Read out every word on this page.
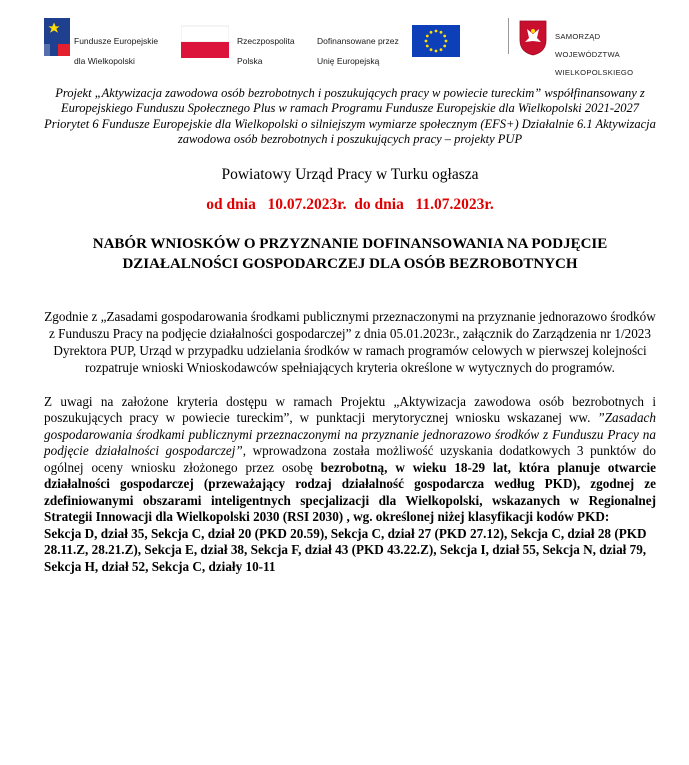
Fundusze Europejskie

dla Wielkopolski

Rzeczpospolita

Polska

Dofinansowane przez

Unię Europejską

SAMORZĄD

WOJEWÓDZTWA

WIELKOPOLSKIEGO

Projekt „Aktywizacja zawodowa osób bezrobotnych i poszukujących pracy w powiecie tureckim” współfinansowany z Europejskiego Funduszu Społecznego Plus w ramach Programu Fundusze Europejskie dla Wielkopolski 2021-2027 Priorytet 6 Fundusze Europejskie dla Wielkopolski o silniejszym wymiarze społecznym (EFS+) Działalnie 6.1 Aktywizacja zawodowa osób bezrobotnych i poszukujących pracy – projekty PUP

Powiatowy Urząd Pracy w Turku ogłasza
od dnia   10.07.2023r.  do dnia   11.07.2023r.
NABÓR WNIOSKÓW O PRZYZNANIE DOFINANSOWANIA NA PODJĘCIE DZIAŁALNOŚCI GOSPODARCZEJ DLA OSÓB BEZROBOTNYCH
Zgodnie z „Zasadami gospodarowania środkami publicznymi przeznaczonymi na przyznanie jednorazowo środków z Funduszu Pracy na podjęcie działalności gospodarczej” z dnia 05.01.2023r., załącznik do Zarządzenia nr 1/2023 Dyrektora PUP, Urząd w przypadku udzielania środków w ramach programów celowych w pierwszej kolejności rozpatruje wnioski Wnioskodawców spełniających kryteria określone w wytycznych do programów.
Z uwagi na założone kryteria dostępu w ramach Projektu „Aktywizacja zawodowa osób bezrobotnych i poszukujących pracy w powiecie tureckim”, w punktacji merytorycznej wniosku wskazanej ww. ”Zasadach gospodarowania środkami publicznymi przeznaczonymi na przyznanie jednorazowo środków z Funduszu Pracy na podjęcie działalności gospodarczej”, wprowadzona została możliwość uzyskania dodatkowych 3 punktów do ogólnej oceny wniosku złożonego przez osobę bezrobotną, w wieku 18-29 lat, która planuje otwarcie działalności gospodarczej (przeważający rodzaj działalność gospodarcza według PKD), zgodnej ze zdefiniowanymi obszarami inteligentnych specjalizacji dla Wielkopolski, wskazanych w Regionalnej Strategii Innowacji dla Wielkopolski 2030 (RSI 2030) , wg. określonej niżej klasyfikacji kodów PKD:
Sekcja D, dział 35, Sekcja C, dział 20 (PKD 20.59), Sekcja C, dział 27 (PKD 27.12), Sekcja C, dział 28 (PKD 28.11.Z, 28.21.Z), Sekcja E, dział 38, Sekcja F, dział 43 (PKD 43.22.Z), Sekcja I, dział 55, Sekcja N, dział 79, Sekcja H, dział 52, Sekcja C, działy 10-11
